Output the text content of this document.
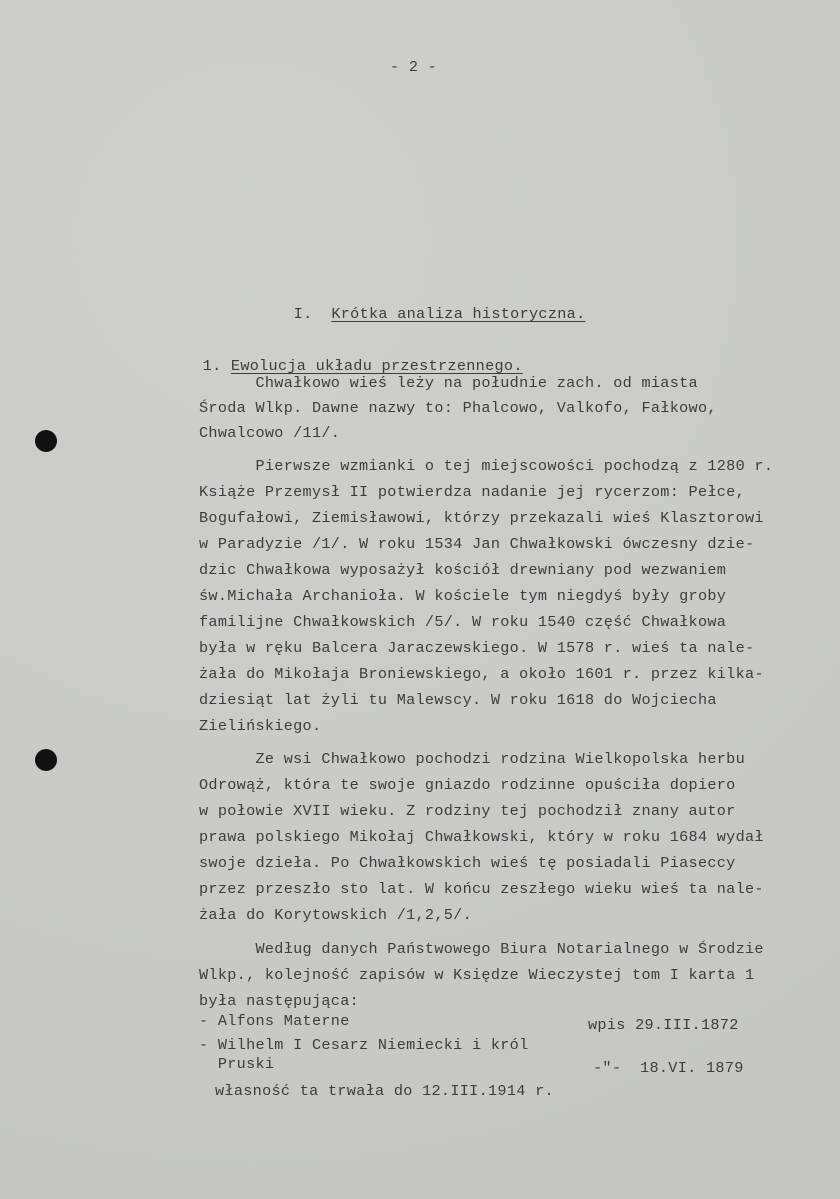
- 2 -

I. Krótka analiza historyczna.

1. Ewolucja układu przestrzennego.

Chwałkowo wieś leży na południe zach. od miasta
Środa Wlkp. Dawne nazwy to: Phalcowo, Valkofo, Fałkowo,
Chwalcowo /11/.
Pierwsze wzmianki o tej miejscowości pochodzą z 1280 r.
Książe Przemysł II potwierdza nadanie jej rycerzom: Pełce,
Bogufałowi, Ziemisławowi, którzy przekazali wieś Klasztorowi
w Paradyzie /1/. W roku 1534 Jan Chwałkowski ówczesny dzie-
dzic Chwałkowa wyposażył kościół drewniany pod wezwaniem
św.Michała Archanioła. W kościele tym niegdyś były groby
familijne Chwałkowskich /5/. W roku 1540 część Chwałkowa
była w ręku Balcera Jaraczewskiego. W 1578 r. wieś ta nale-
żała do Mikołaja Broniewskiego, a około 1601 r. przez kilka-
dziesiąt lat żyli tu Malewscy. W roku 1618 do Wojciecha
Zielińskiego.
Ze wsi Chwałkowo pochodzi rodzina Wielkopolska herbu
Odrowąż, która te swoje gniazdo rodzinne opuściła dopiero
w połowie XVII wieku. Z rodziny tej pochodził znany autor
prawa polskiego Mikołaj Chwałkowski, który w roku 1684 wydał
swoje dzieła. Po Chwałkowskich wieś tę posiadali Piaseccy
przez przeszło sto lat. W końcu zeszłego wieku wieś ta nale-
żała do Korytowskich /1,2,5/.
Według danych Państwowego Biura Notarialnego w Środzie
Wlkp., kolejność zapisów w Księdze Wieczystej tom I karta 1
była następująca:
- Alfons Materne	wpis 29.III.1872
- Wilhelm I Cesarz Niemiecki i król
Pruski	-"-  18.VI. 1879
własność ta trwała do 12.III.1914 r.
